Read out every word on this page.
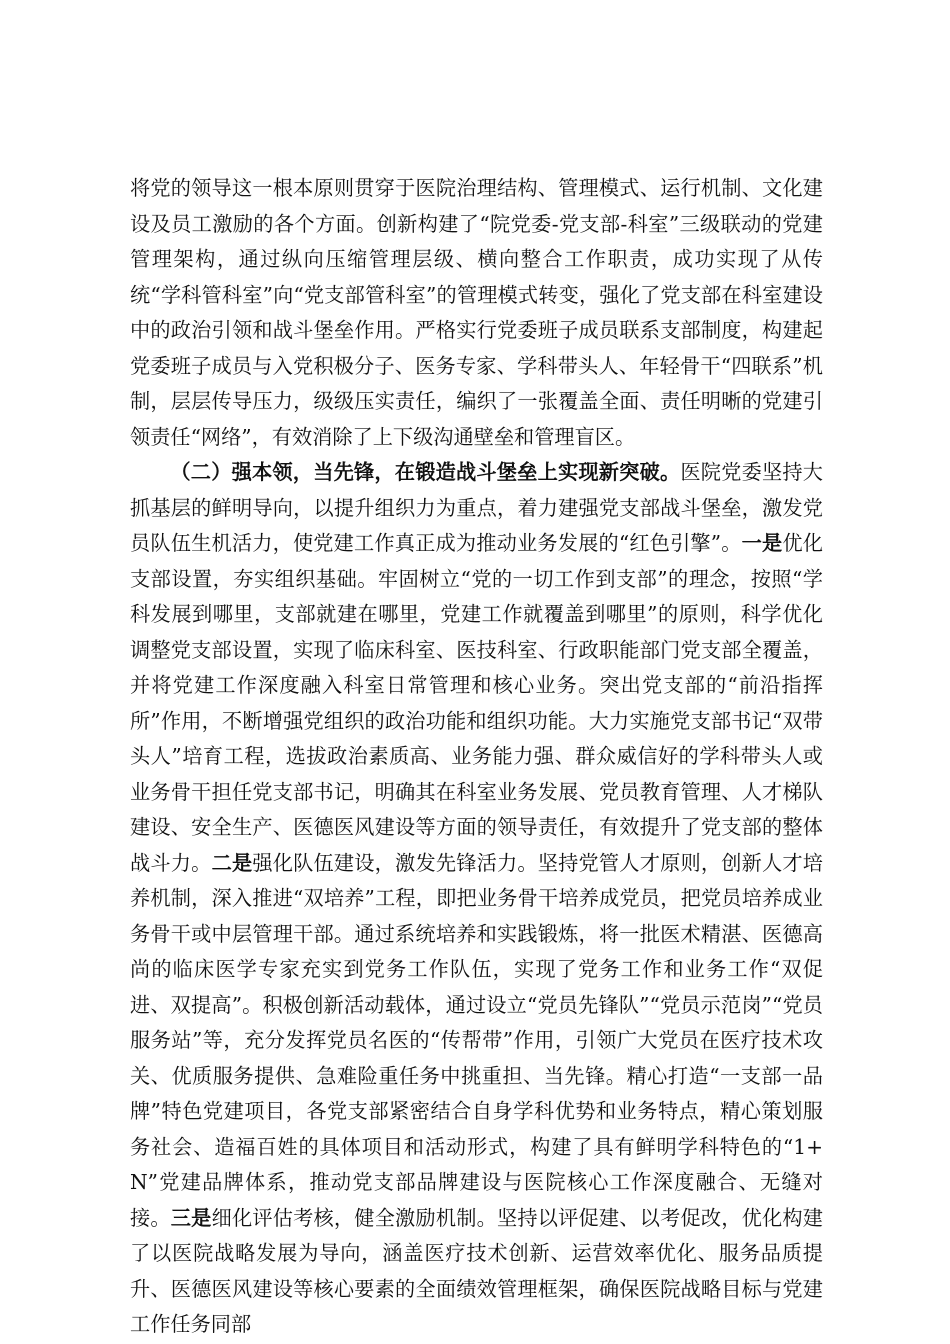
将党的领导这一根本原则贯穿于医院治理结构、管理模式、运行机制、文化建设及员工激励的各个方面。创新构建了“院党委-党支部-科室”三级联动的党建管理架构，通过纵向压缩管理层级、横向整合工作职责，成功实现了从传统“学科管科室”向“党支部管科室”的管理模式转变，强化了党支部在科室建设中的政治引领和战斗堡垒作用。严格实行党委班子成员联系支部制度，构建起党委班子成员与入党积极分子、医务专家、学科带头人、年轻骨干“四联系”机制，层层传导压力，级级压实责任，编织了一张覆盖全面、责任明晰的党建引领责任“网络”，有效消除了上下级沟通壁垒和管理盲区。

（二）强本领，当先锋，在锻造战斗堡垒上实现新突破。医院党委坚持大抓基层的鲜明导向，以提升组织力为重点，着力建强党支部战斗堡垒，激发党员队伍生机活力，使党建工作真正成为推动业务发展的“红色引擎”。一是优化支部设置，夯实组织基础。牢固树立“党的一切工作到支部”的理念，按照“学科发展到哪里，支部就建在哪里，党建工作就覆盖到哪里”的原则，科学优化调整党支部设置，实现了临床科室、医技科室、行政职能部门党支部全覆盖，并将党建工作深度融入科室日常管理和核心业务。突出党支部的“前沿指挥所”作用，不断增强党组织的政治功能和组织功能。大力实施党支部书记“双带头人”培育工程，选拔政治素质高、业务能力强、群众威信好的学科带头人或业务骨干担任党支部书记，明确其在科室业务发展、党员教育管理、人才梯队建设、安全生产、医德医风建设等方面的领导责任，有效提升了党支部的整体战斗力。二是强化队伍建设，激发先锋活力。坚持党管人才原则，创新人才培养机制，深入推进“双培养”工程，即把业务骨干培养成党员，把党员培养成业务骨干或中层管理干部。通过系统培养和实践锻炼，将一批医术精湛、医德高尚的临床医学专家充实到党务工作队伍，实现了党务工作和业务工作“双促进、双提高”。积极创新活动载体，通过设立“党员先锋队”“党员示范岗”“党员服务站”等，充分发挥党员名医的“传帮带”作用，引领广大党员在医疗技术攻关、优质服务提供、急难险重任务中挑重担、当先锋。精心打造“一支部一品牌”特色党建项目，各党支部紧密结合自身学科优势和业务特点，精心策划服务社会、造福百姓的具体项目和活动形式，构建了具有鲜明学科特色的“1+N”党建品牌体系，推动党支部品牌建设与医院核心工作深度融合、无缝对接。三是细化评估考核，健全激励机制。坚持以评促建、以考促改，优化构建了以医院战略发展为导向，涵盖医疗技术创新、运营效率优化、服务品质提升、医德医风建设等核心要素的全面绩效管理框架，确保医院战略目标与党建工作任务同部
